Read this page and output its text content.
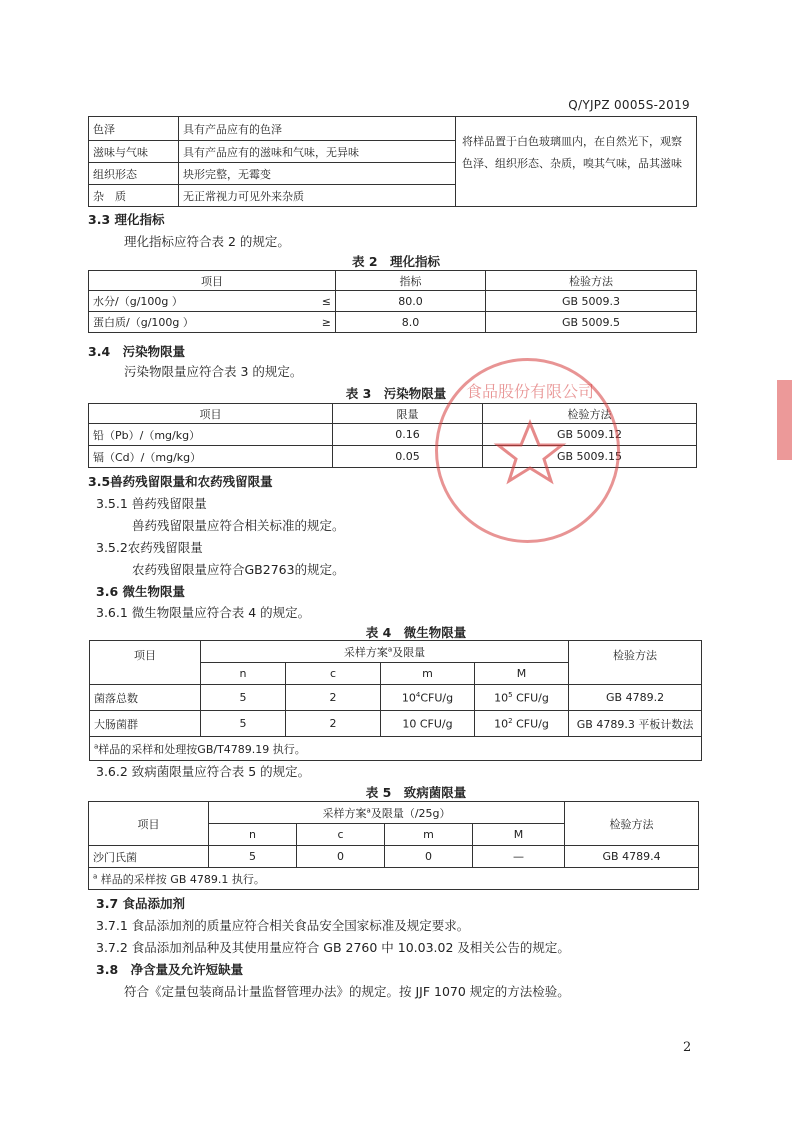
Q/YJPZ 0005S-2019
色泽	具有产品应有的色泽	将样品置于白色玻璃皿内，在自然光下，观察色泽、组织形态、杂质，嗅其气味，品其滋味
滋味与气味	具有产品应有的滋味和气味，无异味	
组织形态	块形完整，无霉变	
杂　质	无正常视力可见外来杂质	
3.3 理化指标
理化指标应符合表 2 的规定。
表 2　理化指标
项目		指标	检验方法
水分/（g/100g ）	≤	80.0	GB 5009.3
蛋白质/（g/100g ）	≥	8.0	GB 5009.5
3.4　污染物限量
污染物限量应符合表 3 的规定。
表 3　污染物限量
项目	限量	检验方法
铅（Pb）/（mg/kg）	0.16	GB 5009.12
镉（Cd）/（mg/kg）	0.05	GB 5009.15
3.5兽药残留限量和农药残留限量
3.5.1 兽药残留限量
兽药残留限量应符合相关标准的规定。
3.5.2农药残留限量
农药残留限量应符合GB2763的规定。
3.6 微生物限量
3.6.1 微生物限量应符合表 4 的规定。
表 4　微生物限量
项目	采样方案$^a$及限量				检验方法
	n	c	m	M	
菌落总数	5	2	$10^4CFU/g$	$10^5$ CFU/g	GB 4789.2
大肠菌群	5	2	10 CFU/g	$10^2$ CFU/g	GB 4789.3 平板计数法
$^a$样品的采样和处理按GB/T4789.19 执行。					
3.6.2 致病菌限量应符合表 5 的规定。
表 5　致病菌限量
项目	采样方案$^a$及限量（/25g）				检验方法
	n	c	m	M	
沙门氏菌	5	0	0	—	GB 4789.4
$^a$ 样品的采样按 GB 4789.1 执行。					
3.7 食品添加剂
3.7.1 食品添加剂的质量应符合相关食品安全国家标准及规定要求。
3.7.2 食品添加剂品种及其使用量应符合 GB 2760 中 10.03.02 及相关公告的规定。
3.8　净含量及允许短缺量
符合《定量包装商品计量监督管理办法》的规定。按 JJF 1070 规定的方法检验。
食品股份有限公司
2
